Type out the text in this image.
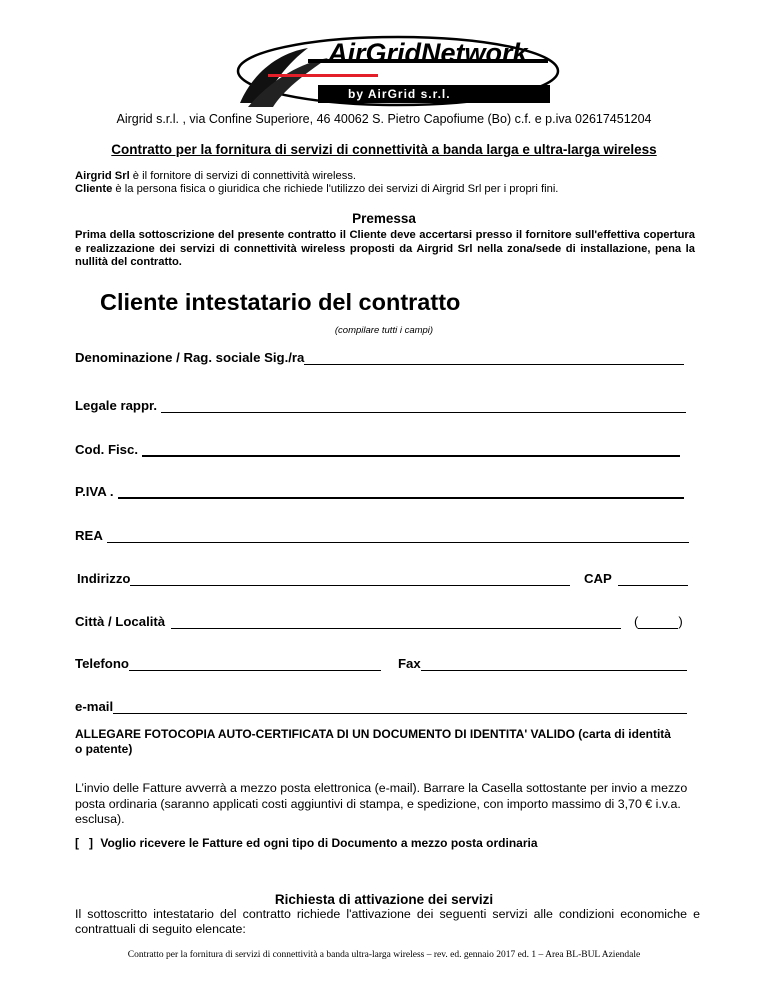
AirGridNetwork
by AirGrid s.r.l.
Airgrid s.r.l. , via Confine Superiore, 46 40062 S. Pietro Capofiume (Bo) c.f. e p.iva 02617451204
Contratto per la fornitura di servizi di connettività a banda larga e ultra-larga wireless
Airgrid Srl è il fornitore di servizi di connettività wireless.
Cliente è la persona fisica o giuridica che richiede l'utilizzo dei servizi di Airgrid Srl per i propri fini.
Premessa
Prima della sottoscrizione del presente contratto il Cliente deve accertarsi presso il fornitore sull'effettiva copertura e realizzazione dei servizi di connettività wireless proposti da Airgrid Srl nella zona/sede di installazione, pena la nullità del contratto.
Cliente intestatario del contratto
(compilare tutti i campi)
Denominazione / Rag. sociale Sig./ra
Legale rappr.
Cod. Fisc.
P.IVA .
REA
Indirizzo	CAP
Città / Località	(	)
Telefono	Fax
e-mail
ALLEGARE FOTOCOPIA AUTO-CERTIFICATA DI UN DOCUMENTO DI IDENTITA' VALIDO (carta di identità o patente)
L’invio delle Fatture avverrà a mezzo posta elettronica (e-mail). Barrare la Casella sottostante per invio a mezzo posta ordinaria (saranno applicati costi aggiuntivi di stampa, e spedizione, con importo massimo di 3,70 € i.v.a. esclusa).
[   ] Voglio ricevere le Fatture ed ogni tipo di Documento a mezzo posta ordinaria
Richiesta di attivazione dei servizi
Il sottoscritto intestatario del contratto richiede l'attivazione dei seguenti servizi alle condizioni economiche e contrattuali di seguito elencate:
Contratto per la fornitura di servizi di connettività a banda ultra-larga wireless – rev. ed. gennaio 2017 ed. 1 – Area BL-BUL Aziendale
